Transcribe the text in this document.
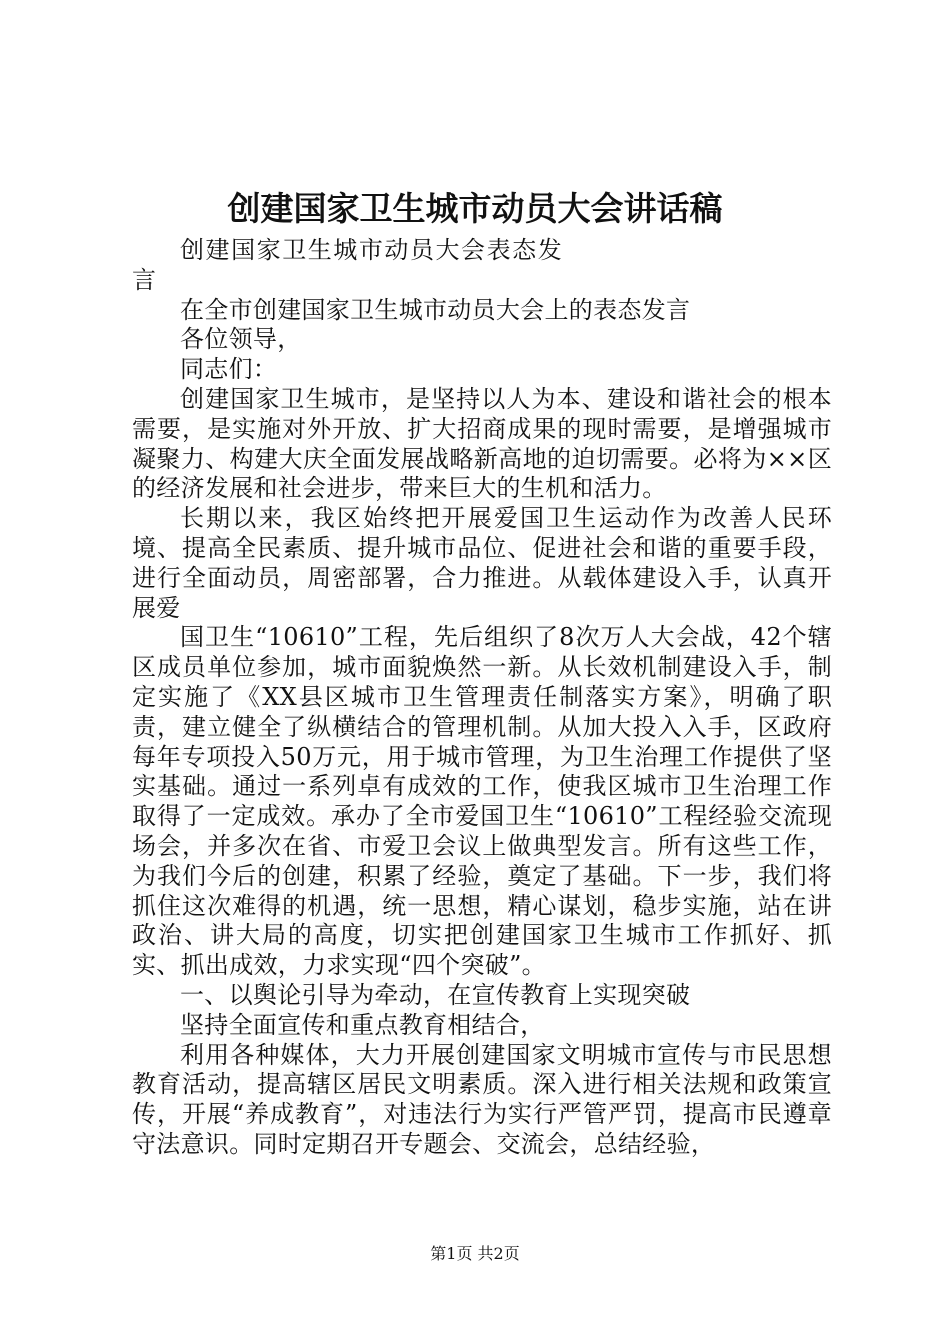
创建国家卫生城市动员大会讲话稿

创建国家卫生城市动员大会表态发言

在全市创建国家卫生城市动员大会上的表态发言

各位领导，

同志们：

创建国家卫生城市，是坚持以人为本、建设和谐社会的根本需要，是实施对外开放、扩大招商成果的现时需要，是增强城市凝聚力、构建大庆全面发展战略新高地的迫切需要。必将为××区的经济发展和社会进步，带来巨大的生机和活力。

长期以来，我区始终把开展爱国卫生运动作为改善人民环境、提高全民素质、提升城市品位、促进社会和谐的重要手段，进行全面动员，周密部署，合力推进。从载体建设入手，认真开展爱

国卫生“10610”工程，先后组织了8次万人大会战，42个辖区成员单位参加，城市面貌焕然一新。从长效机制建设入手，制定实施了《XX县区城市卫生管理责任制落实方案》，明确了职责，建立健全了纵横结合的管理机制。从加大投入入手，区政府每年专项投入50万元，用于城市管理，为卫生治理工作提供了坚实基础。通过一系列卓有成效的工作，使我区城市卫生治理工作取得了一定成效。承办了全市爱国卫生“10610”工程经验交流现场会，并多次在省、市爱卫会议上做典型发言。所有这些工作，为我们今后的创建，积累了经验，奠定了基础。下一步，我们将抓住这次难得的机遇，统一思想，精心谋划，稳步实施，站在讲政治、讲大局的高度，切实把创建国家卫生城市工作抓好、抓实、抓出成效，力求实现“四个突破”。

一、以舆论引导为牵动，在宣传教育上实现突破

坚持全面宣传和重点教育相结合，

利用各种媒体，大力开展创建国家文明城市宣传与市民思想教育活动，提高辖区居民文明素质。深入进行相关法规和政策宣传，开展“养成教育”，对违法行为实行严管严罚，提高市民遵章守法意识。同时定期召开专题会、交流会，总结经验，

第1页 共2页
